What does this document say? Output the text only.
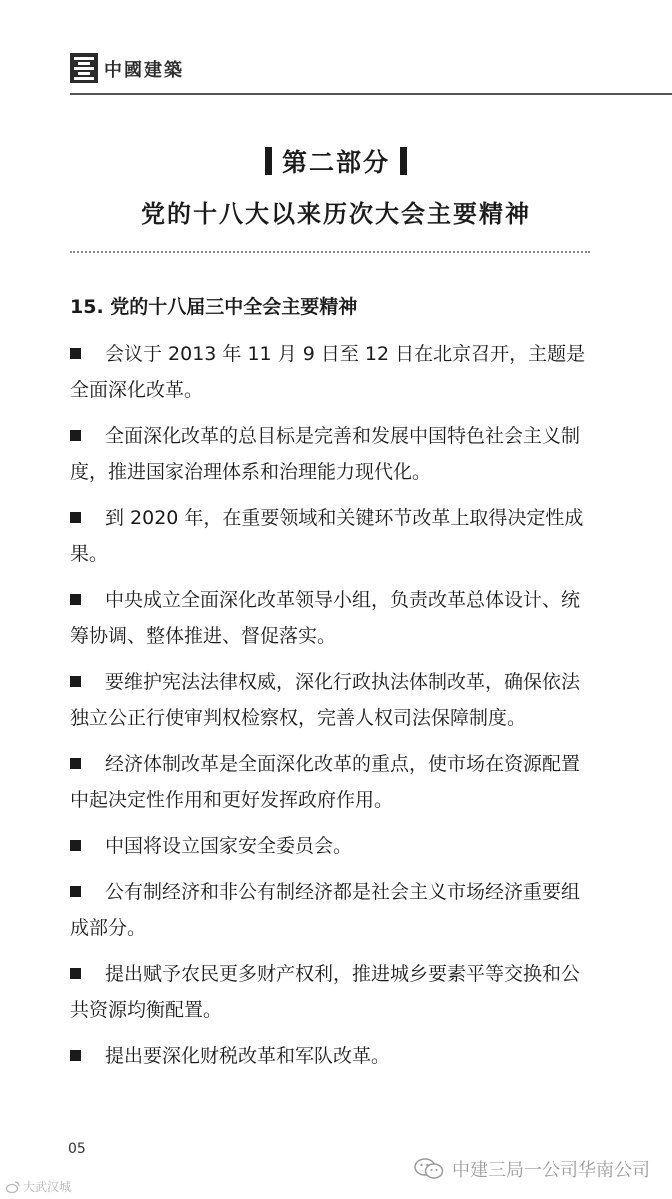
中國建築
第二部分
党的十八大以来历次大会主要精神
15. 党的十八届三中全会主要精神
会议于 2013 年 11 月 9 日至 12 日在北京召开，主题是全面深化改革。
全面深化改革的总目标是完善和发展中国特色社会主义制度，推进国家治理体系和治理能力现代化。
到 2020 年，在重要领域和关键环节改革上取得决定性成果。
中央成立全面深化改革领导小组，负责改革总体设计、统筹协调、整体推进、督促落实。
要维护宪法法律权威，深化行政执法体制改革，确保依法独立公正行使审判权检察权，完善人权司法保障制度。
经济体制改革是全面深化改革的重点，使市场在资源配置中起决定性作用和更好发挥政府作用。
中国将设立国家安全委员会。
公有制经济和非公有制经济都是社会主义市场经济重要组成部分。
提出赋予农民更多财产权利，推进城乡要素平等交换和公共资源均衡配置。
提出要深化财税改革和军队改革。
05
中建三局一公司华南公司
大武汉城
